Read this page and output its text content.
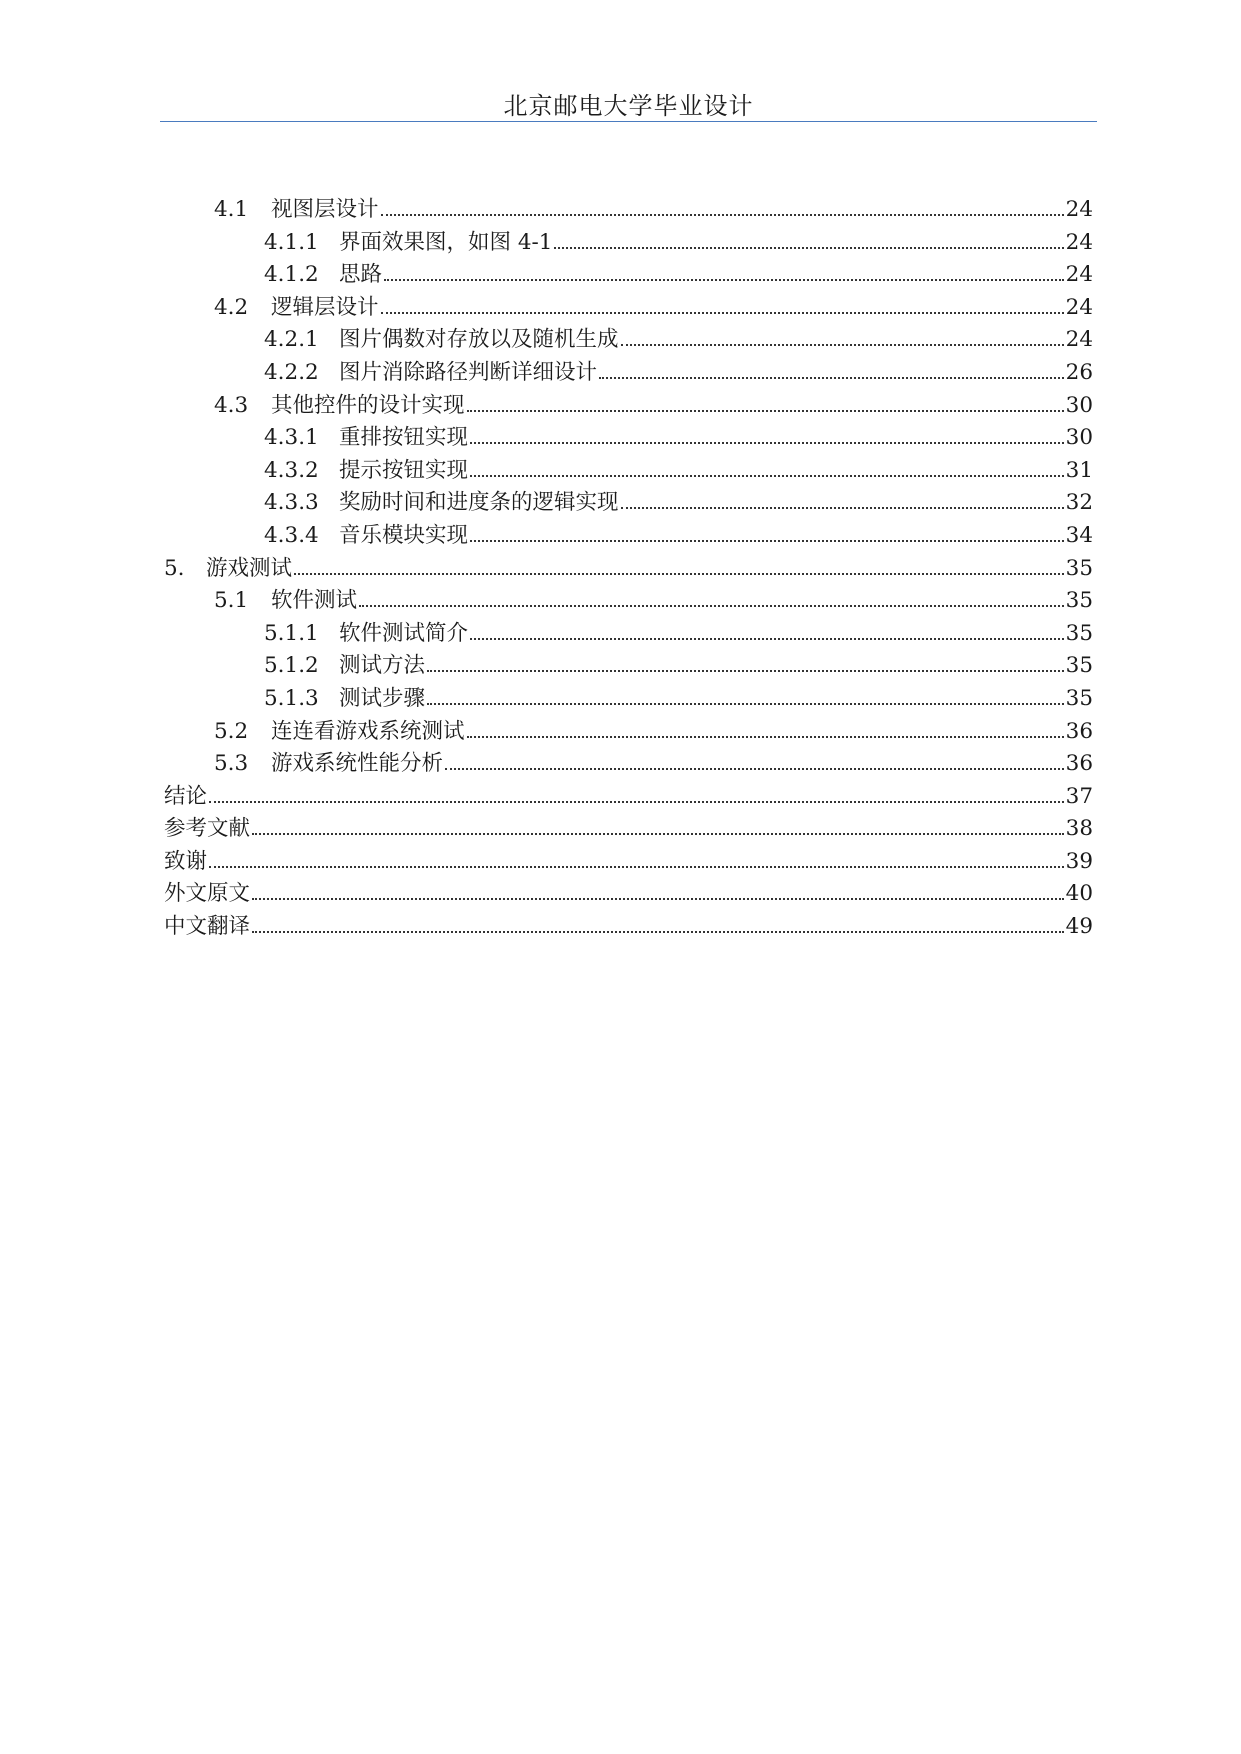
北京邮电大学毕业设计
4.1	视图层设计	24
4.1.1 界面效果图，如图 4-1	24
4.1.2 思路	24
4.2	逻辑层设计	24
4.2.1 图片偶数对存放以及随机生成	24
4.2.2 图片消除路径判断详细设计	26
4.3	其他控件的设计实现	30
4.3.1 重排按钮实现	30
4.3.2 提示按钮实现	31
4.3.3 奖励时间和进度条的逻辑实现	32
4.3.4 音乐模块实现	34
5. 游戏测试	35
5.1	软件测试	35
5.1.1 软件测试简介	35
5.1.2 测试方法	35
5.1.3 测试步骤	35
5.2	连连看游戏系统测试	36
5.3	游戏系统性能分析	36
结论	37
参考文献	38
致谢	39
外文原文	40
中文翻译	49
